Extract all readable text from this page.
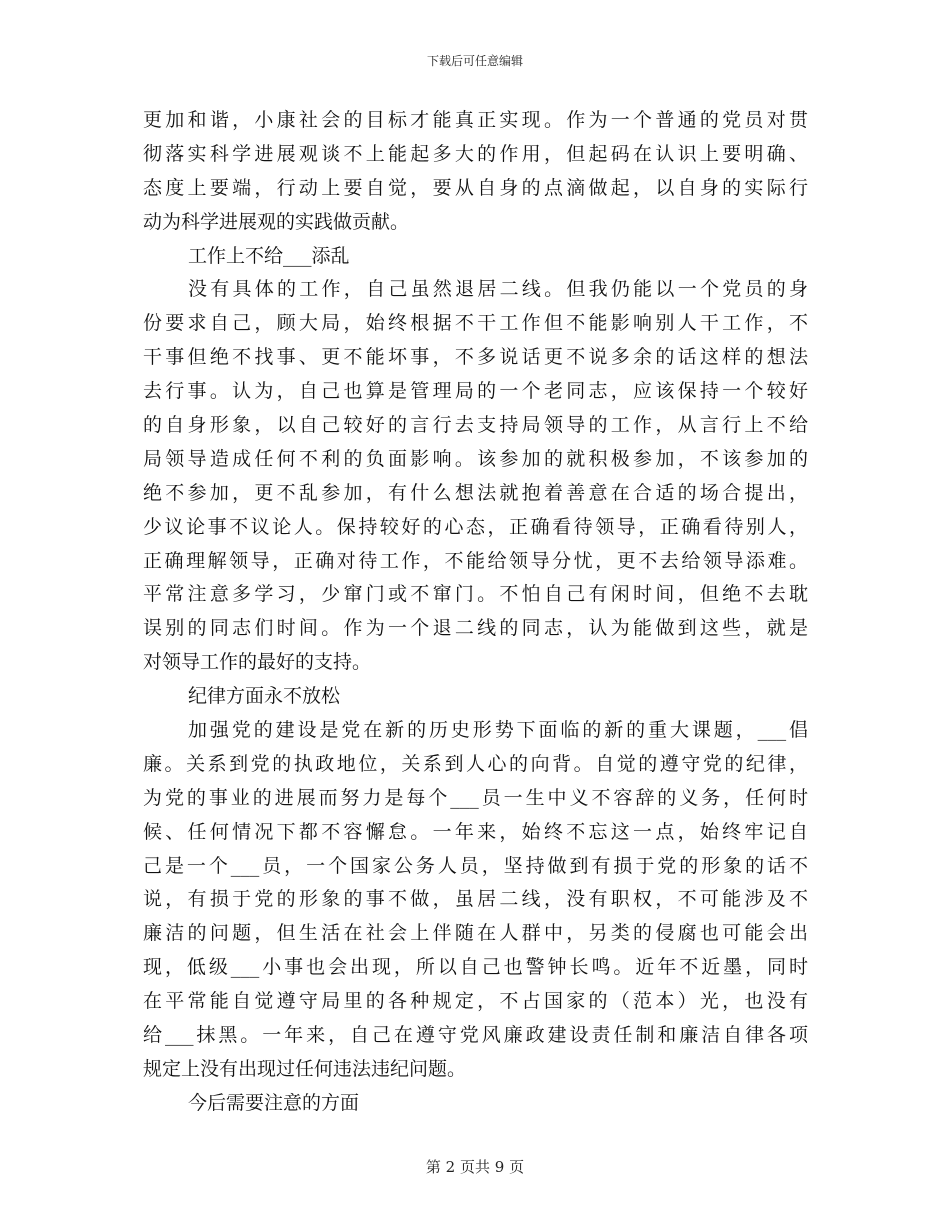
下载后可任意编辑
更加和谐，小康社会的目标才能真正实现。作为一个普通的党员对贯
彻落实科学进展观谈不上能起多大的作用，但起码在认识上要明确、
态度上要端，行动上要自觉，要从自身的点滴做起，以自身的实际行
动为科学进展观的实践做贡献。
工作上不给___添乱
没有具体的工作，自己虽然退居二线。但我仍能以一个党员的身
份要求自己，顾大局，始终根据不干工作但不能影响别人干工作，不
干事但绝不找事、更不能坏事，不多说话更不说多余的话这样的想法
去行事。认为，自己也算是管理局的一个老同志，应该保持一个较好
的自身形象，以自己较好的言行去支持局领导的工作，从言行上不给
局领导造成任何不利的负面影响。该参加的就积极参加，不该参加的
绝不参加，更不乱参加，有什么想法就抱着善意在合适的场合提出，
少议论事不议论人。保持较好的心态，正确看待领导，正确看待别人，
正确理解领导，正确对待工作，不能给领导分忧，更不去给领导添难。
平常注意多学习，少窜门或不窜门。不怕自己有闲时间，但绝不去耽
误别的同志们时间。作为一个退二线的同志，认为能做到这些，就是
对领导工作的最好的支持。
纪律方面永不放松
加强党的建设是党在新的历史形势下面临的新的重大课题，___倡
廉。关系到党的执政地位，关系到人心的向背。自觉的遵守党的纪律，
为党的事业的进展而努力是每个___员一生中义不容辞的义务，任何时
候、任何情况下都不容懈怠。一年来，始终不忘这一点，始终牢记自
己是一个___员，一个国家公务人员，坚持做到有损于党的形象的话不
说，有损于党的形象的事不做，虽居二线，没有职权，不可能涉及不
廉洁的问题，但生活在社会上伴随在人群中，另类的侵腐也可能会出
现，低级___小事也会出现，所以自己也警钟长鸣。近年不近墨，同时
在平常能自觉遵守局里的各种规定，不占国家的（范本）光，也没有
给___抹黑。一年来，自己在遵守党风廉政建设责任制和廉洁自律各项
规定上没有出现过任何违法违纪问题。
今后需要注意的方面
第 2 页共 9 页
